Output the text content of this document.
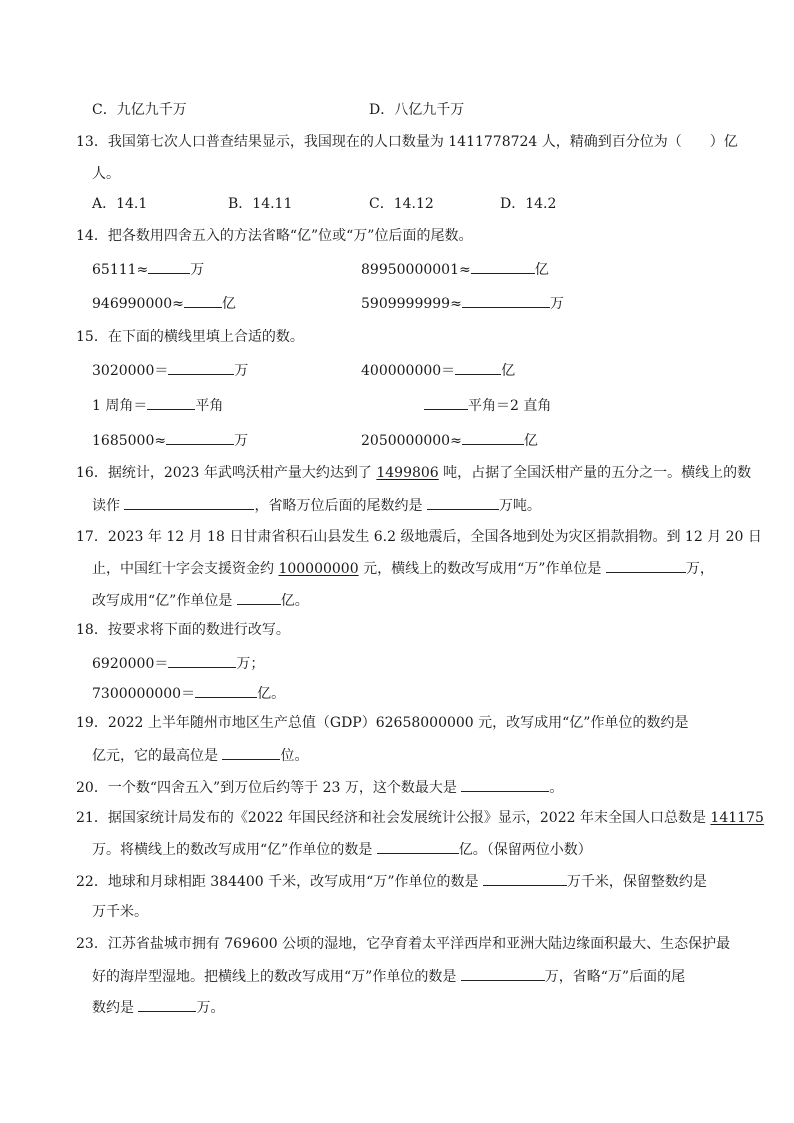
C．九亿九千万	D．八亿九千万
13．我国第七次人口普查结果显示，我国现在的人口数量为 1411778724 人，精确到百分位为（　　）亿
人。
A．14.1	B．14.11	C．14.12	D．14.2
14．把各数用四舍五入的方法省略“亿”位或“万”位后面的尾数。
65111≈	万	89950000001≈	亿
946990000≈	亿	5909999999≈	万
15．在下面的横线里填上合适的数。
3020000＝	万	400000000＝	亿
1 周角＝	平角	平角＝2 直角
1685000≈	万	2050000000≈	亿
16．据统计，2023 年武鸣沃柑产量大约达到了 1499806 吨，占据了全国沃柑产量的五分之一。横线上的数
读作	，省略万位后面的尾数约是	万吨。
17．2023 年 12 月 18 日甘肃省积石山县发生 6.2 级地震后，全国各地到处为灾区捐款捐物。到 12 月 20 日
止，中国红十字会支援资金约 100000000 元，横线上的数改写成用“万”作单位是	万，
改写成用“亿”作单位是	亿。
18．按要求将下面的数进行改写。
6920000＝	万；
7300000000＝	亿。
19．2022 上半年随州市地区生产总值（GDP）62658000000 元，改写成用“亿”作单位的数约是
亿元，它的最高位是	位。
20．一个数“四舍五入”到万位后约等于 23 万，这个数最大是	。
21．据国家统计局发布的《2022 年国民经济和社会发展统计公报》显示，2022 年末全国人口总数是 141175
万。将横线上的数改写成用“亿”作单位的数是	亿。（保留两位小数）
22．地球和月球相距 384400 千米，改写成用“万”作单位的数是	万千米，保留整数约是
万千米。
23．江苏省盐城市拥有 769600 公顷的湿地，它孕育着太平洋西岸和亚洲大陆边缘面积最大、生态保护最
好的海岸型湿地。把横线上的数改写成用“万”作单位的数是	万，省略“万”后面的尾
数约是	万。
